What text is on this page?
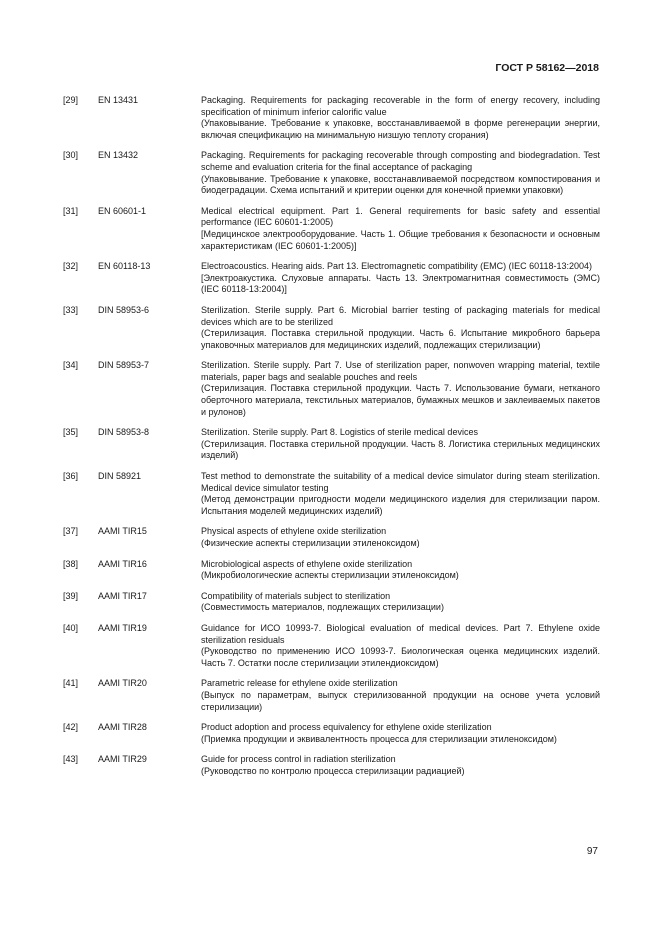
ГОСТ Р 58162—2018
[29]	EN 13431	Packaging. Requirements for packaging recoverable in the form of energy recovery, including specification of minimum inferior calorific value
(Упаковывание. Требование к упаковке, восстанавливаемой в форме регенерации энергии, включая спецификацию на минимальную низшую теплоту сгорания)
[30]	EN 13432	Packaging. Requirements for packaging recoverable through composting and biodegradation. Test scheme and evaluation criteria for the final acceptance of packaging
(Упаковывание. Требование к упаковке, восстанавливаемой посредством компостирования и биодеградации. Схема испытаний и критерии оценки для конечной приемки упаковки)
[31]	EN 60601-1	Medical electrical equipment. Part 1. General requirements for basic safety and essential performance (IEC 60601-1:2005)
[Медицинское электрооборудование. Часть 1. Общие требования к безопасности и основным характеристикам (IEC 60601-1:2005)]
[32]	EN 60118-13	Electroacoustics. Hearing aids. Part 13. Electromagnetic compatibility (EMC) (IEC 60118-13:2004)
[Электроакустика. Слуховые аппараты. Часть 13. Электромагнитная совместимость (ЭМС) (IEC 60118-13:2004)]
[33]	DIN 58953-6	Sterilization. Sterile supply. Part 6. Microbial barrier testing of packaging materials for medical devices which are to be sterilized
(Стерилизация. Поставка стерильной продукции. Часть 6. Испытание микробного барьера упаковочных материалов для медицинских изделий, подлежащих стерилизации)
[34]	DIN 58953-7	Sterilization. Sterile supply. Part 7. Use of sterilization paper, nonwoven wrapping material, textile materials, paper bags and sealable pouches and reels
(Стерилизация. Поставка стерильной продукции. Часть 7. Использование бумаги, нетканого оберточного материала, текстильных материалов, бумажных мешков и заклеиваемых пакетов и рулонов)
[35]	DIN 58953-8	Sterilization. Sterile supply. Part 8. Logistics of sterile medical devices
(Стерилизация. Поставка стерильной продукции. Часть 8. Логистика стерильных медицинских изделий)
[36]	DIN 58921	Test method to demonstrate the suitability of a medical device simulator during steam sterilization. Medical device simulator testing
(Метод демонстрации пригодности модели медицинского изделия для стерилизации паром. Испытания моделей медицинских изделий)
[37]	AAMI TIR15	Physical aspects of ethylene oxide sterilization
(Физические аспекты стерилизации этиленоксидом)
[38]	AAMI TIR16	Microbiological aspects of ethylene oxide sterilization
(Микробиологические аспекты стерилизации этиленоксидом)
[39]	AAMI TIR17	Compatibility of materials subject to sterilization
(Совместимость материалов, подлежащих стерилизации)
[40]	AAMI TIR19	Guidance for ИСО 10993-7. Biological evaluation of medical devices. Part 7. Ethylene oxide sterilization residuals
(Руководство по применению ИСО 10993-7. Биологическая оценка медицинских изделий. Часть 7. Остатки после стерилизации этилендиоксидом)
[41]	AAMI TIR20	Parametric release for ethylene oxide sterilization
(Выпуск по параметрам, выпуск стерилизованной продукции на основе учета условий стерилизации)
[42]	AAMI TIR28	Product adoption and process equivalency for ethylene oxide sterilization
(Приемка продукции и эквивалентность процесса для стерилизации этиленоксидом)
[43]	AAMI TIR29	Guide for process control in radiation sterilization
(Руководство по контролю процесса стерилизации радиацией)
97
